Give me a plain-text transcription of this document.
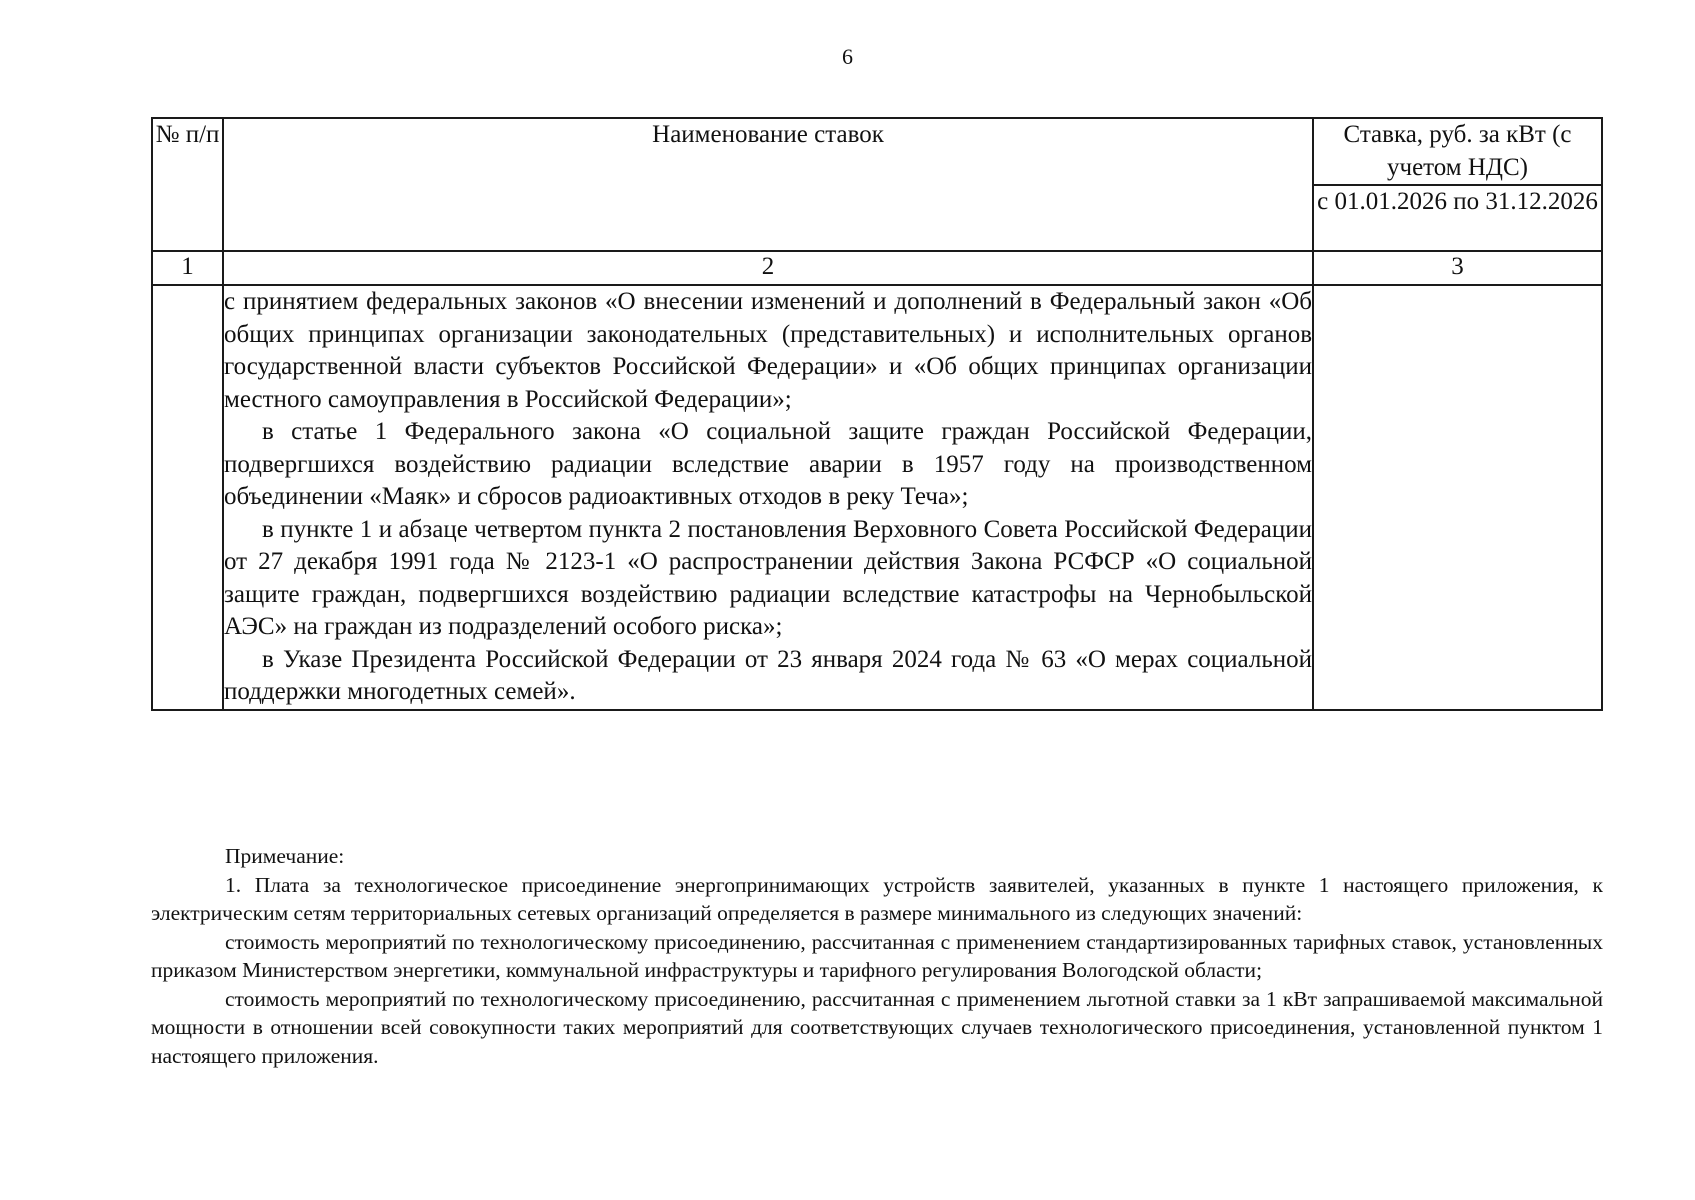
6
№ п/п	Наименование ставок	Ставка, руб. за кВт (с учетом НДС)
		с 01.01.2026 по 31.12.2026
1	2	3

	с принятием федеральных законов «О внесении изменений и дополнений в Федеральный закон «Об общих принципах организации законодательных (представительных) и исполнительных органов государственной власти субъектов Российской Федерации» и «Об общих принципах организации местного самоуправления в Российской Федерации»;

в статье 1 Федерального закона «О социальной защите граждан Российской Федерации, подвергшихся воздействию радиации вследствие аварии в 1957 году на производственном объединении «Маяк» и сбросов радиоактивных отходов в реку Теча»;

в пункте 1 и абзаце четвертом пункта 2 постановления Верховного Совета Российской Федерации от 27 декабря 1991 года № 2123-1 «О распространении действия Закона РСФСР «О социальной защите граждан, подвергшихся воздействию радиации вследствие катастрофы на Чернобыльской АЭС» на граждан из подразделений особого риска»;

в Указе Президента Российской Федерации от 23 января 2024 года № 63 «О мерах социальной поддержки многодетных семей».	

Примечание:

1. Плата за технологическое присоединение энергопринимающих устройств заявителей, указанных в пункте 1 настоящего приложения, к электрическим сетям территориальных сетевых организаций определяется в размере минимального из следующих значений:

стоимость мероприятий по технологическому присоединению, рассчитанная с применением стандартизированных тарифных ставок, установленных приказом Министерством энергетики, коммунальной инфраструктуры и тарифного регулирования Вологодской области;

стоимость мероприятий по технологическому присоединению, рассчитанная с применением льготной ставки за 1 кВт запрашиваемой максимальной мощности в отношении всей совокупности таких мероприятий для соответствующих случаев технологического присоединения, установленной пунктом 1 настоящего приложения.
